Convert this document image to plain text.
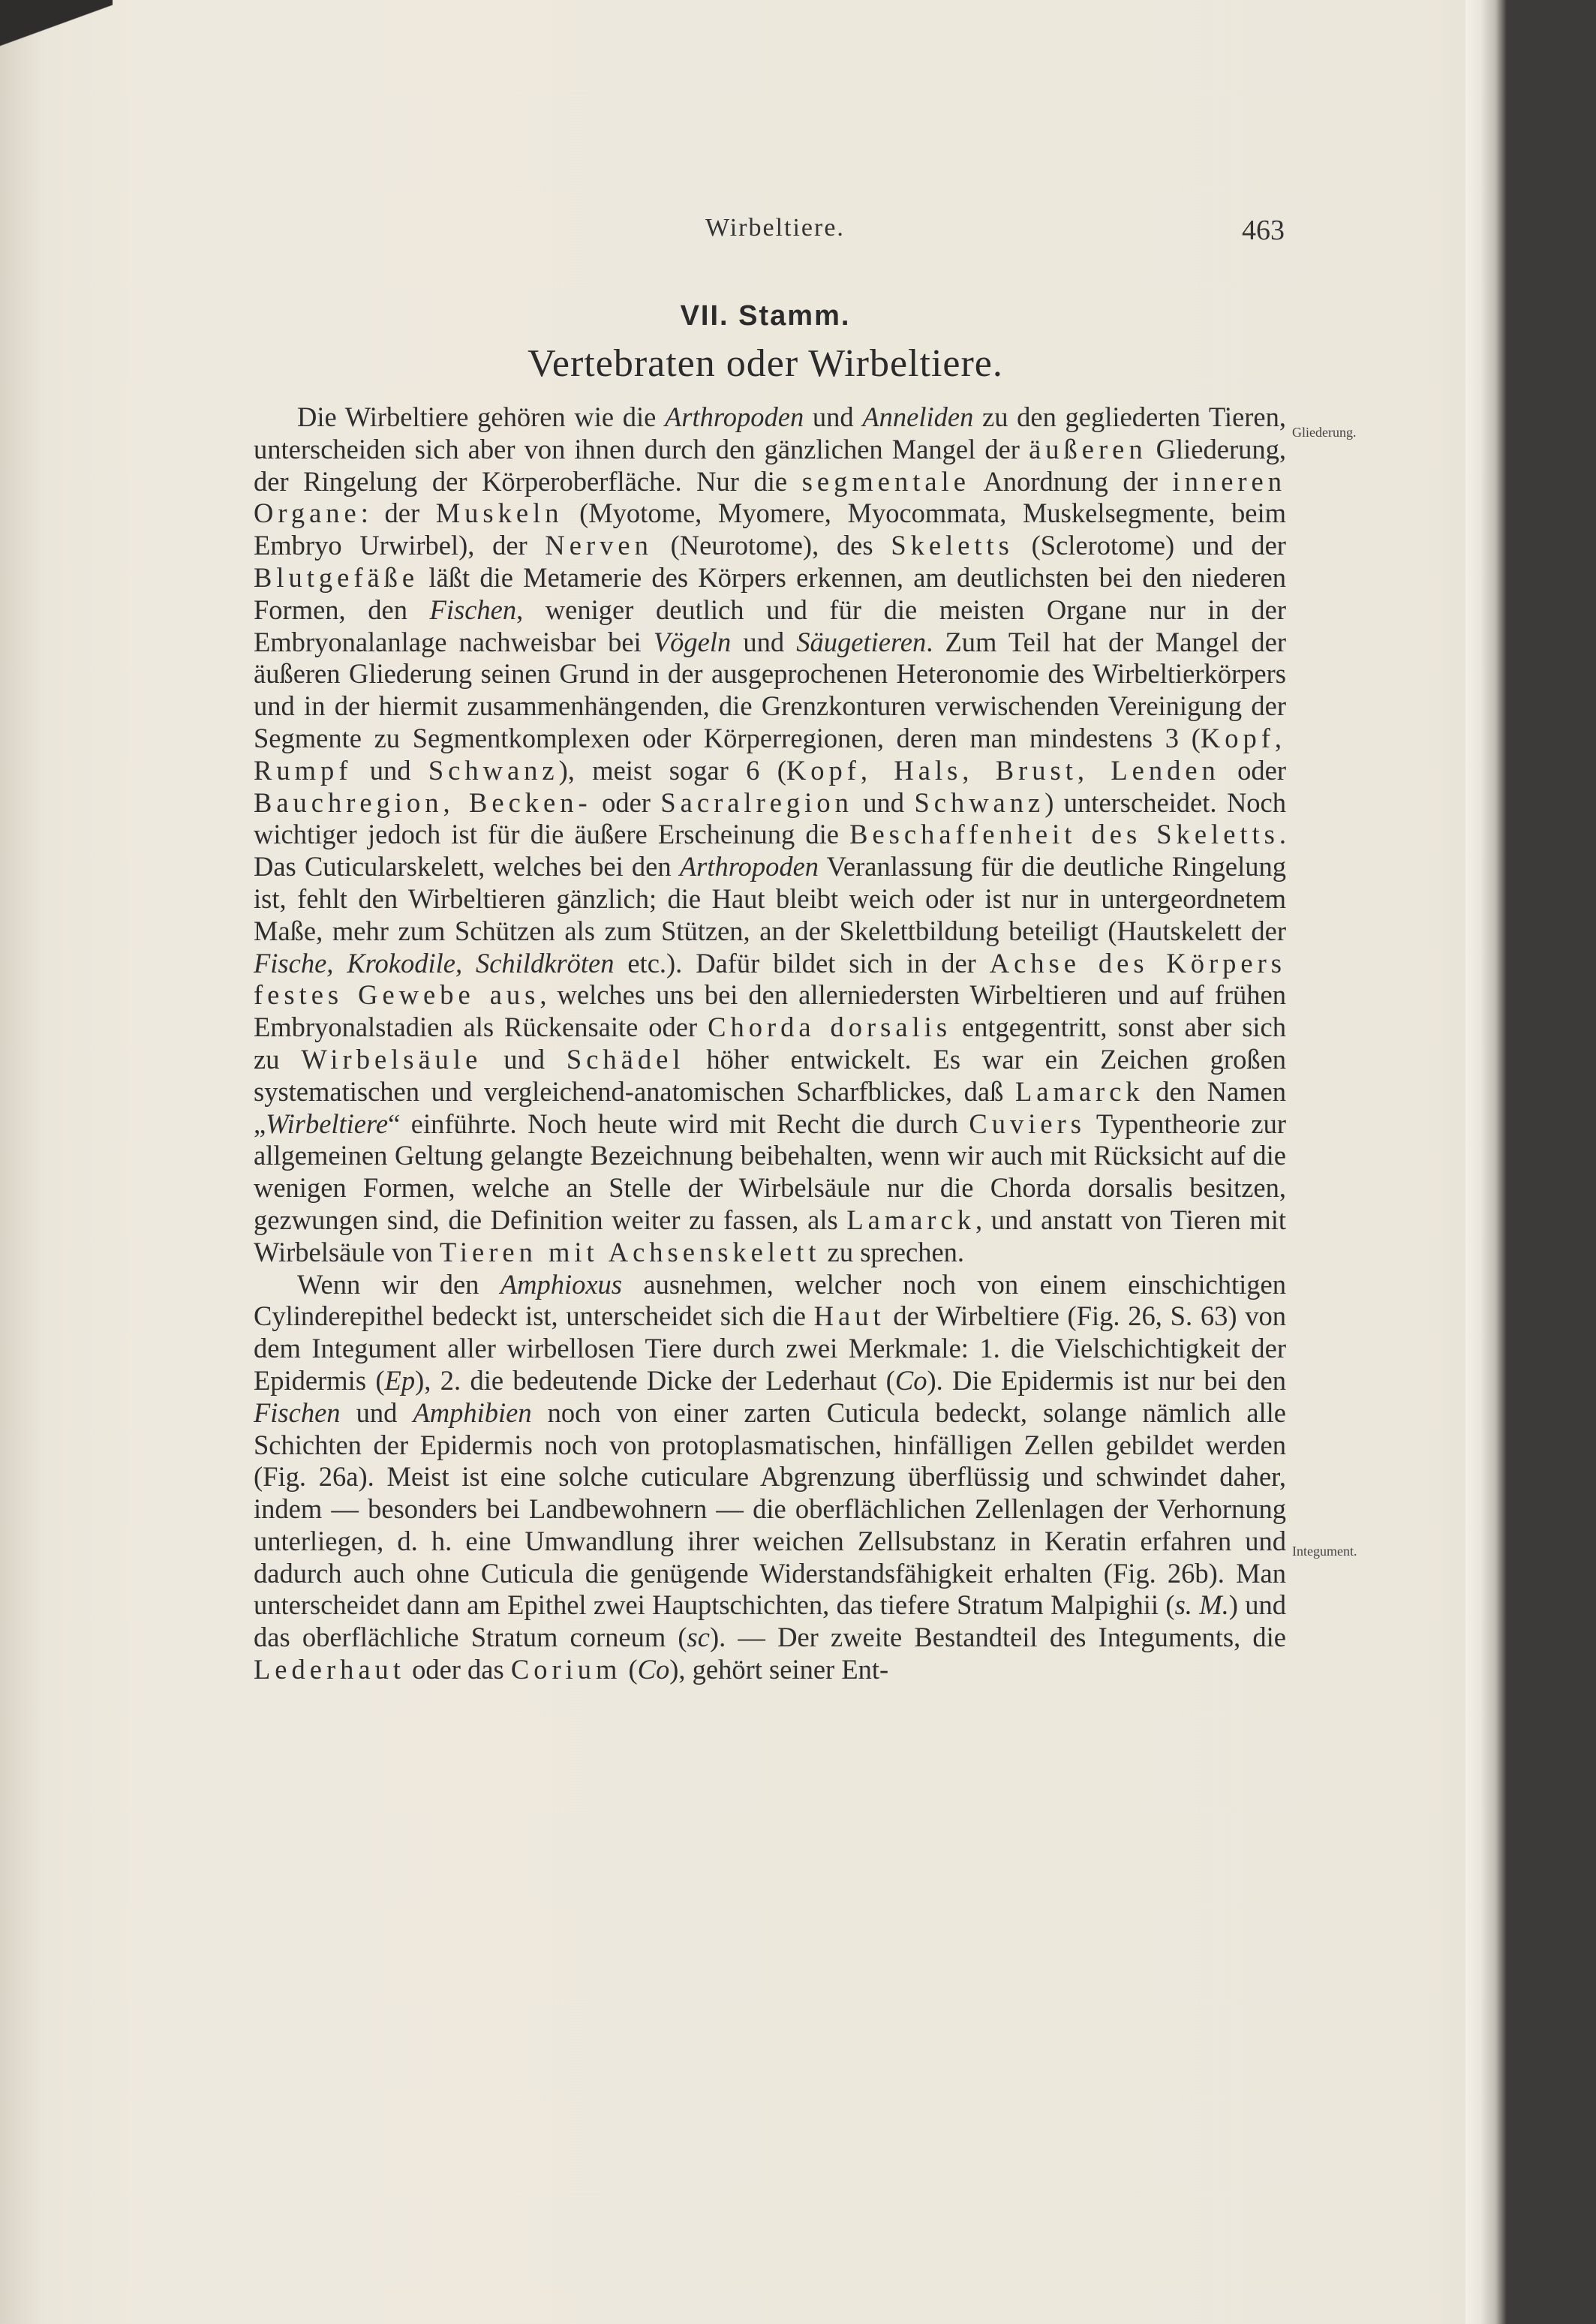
Wirbeltiere.	463
VII. Stamm.
Vertebraten oder Wirbeltiere.
Gliederung.
Integument.

Die Wirbeltiere gehören wie die Arthropoden und Anneliden zu den gegliederten Tieren, unterscheiden sich aber von ihnen durch den gänzlichen Mangel der äußeren Gliederung, der Ringelung der Körperoberfläche. Nur die segmentale Anordnung der inneren Organe: der Muskeln (Myotome, Myomere, Myocommata, Muskelsegmente, beim Embryo Urwirbel), der Nerven (Neurotome), des Skeletts (Sclerotome) und der Blutgefäße läßt die Metamerie des Körpers erkennen, am deutlichsten bei den niederen Formen, den Fischen, weniger deutlich und für die meisten Organe nur in der Embryonalanlage nachweisbar bei Vögeln und Säugetieren. Zum Teil hat der Mangel der äußeren Gliederung seinen Grund in der ausgeprochenen Heteronomie des Wirbeltierkörpers und in der hiermit zusammenhängenden, die Grenzkonturen verwischenden Vereinigung der Segmente zu Segmentkomplexen oder Körperregionen, deren man mindestens 3 (Kopf, Rumpf und Schwanz), meist sogar 6 (Kopf, Hals, Brust, Lenden oder Bauchregion, Becken- oder Sacralregion und Schwanz) unterscheidet. Noch wichtiger jedoch ist für die äußere Erscheinung die Beschaffenheit des Skeletts. Das Cuticularskelett, welches bei den Arthropoden Veranlassung für die deutliche Ringelung ist, fehlt den Wirbeltieren gänzlich; die Haut bleibt weich oder ist nur in untergeordnetem Maße, mehr zum Schützen als zum Stützen, an der Skelettbildung beteiligt (Hautskelett der Fische, Krokodile, Schildkröten etc.). Dafür bildet sich in der Achse des Körpers festes Gewebe aus, welches uns bei den allerniedersten Wirbeltieren und auf frühen Embryonalstadien als Rückensaite oder Chorda dorsalis entgegentritt, sonst aber sich zu Wirbelsäule und Schädel höher entwickelt. Es war ein Zeichen großen systematischen und vergleichend-anatomischen Scharfblickes, daß Lamarck den Namen „Wirbeltiere“ einführte. Noch heute wird mit Recht die durch Cuviers Typentheorie zur allgemeinen Geltung gelangte Bezeichnung beibehalten, wenn wir auch mit Rücksicht auf die wenigen Formen, welche an Stelle der Wirbelsäule nur die Chorda dorsalis besitzen, gezwungen sind, die Definition weiter zu fassen, als Lamarck, und anstatt von Tieren mit Wirbelsäule von Tieren mit Achsenskelett zu sprechen.

Wenn wir den Amphioxus ausnehmen, welcher noch von einem einschichtigen Cylinderepithel bedeckt ist, unterscheidet sich die Haut der Wirbeltiere (Fig. 26, S. 63) von dem Integument aller wirbellosen Tiere durch zwei Merkmale: 1. die Vielschichtigkeit der Epidermis (Ep), 2. die bedeutende Dicke der Lederhaut (Co). Die Epidermis ist nur bei den Fischen und Amphibien noch von einer zarten Cuticula bedeckt, solange nämlich alle Schichten der Epidermis noch von protoplasmatischen, hinfälligen Zellen gebildet werden (Fig. 26a). Meist ist eine solche cuticulare Abgrenzung überflüssig und schwindet daher, indem — besonders bei Landbewohnern — die oberflächlichen Zellenlagen der Verhornung unterliegen, d. h. eine Umwandlung ihrer weichen Zellsubstanz in Keratin erfahren und dadurch auch ohne Cuticula die genügende Widerstandsfähigkeit erhalten (Fig. 26b). Man unterscheidet dann am Epithel zwei Hauptschichten, das tiefere Stratum Malpighii (s. M.) und das oberflächliche Stratum corneum (sc). — Der zweite Bestandteil des Integuments, die Lederhaut oder das Corium (Co), gehört seiner Ent-
